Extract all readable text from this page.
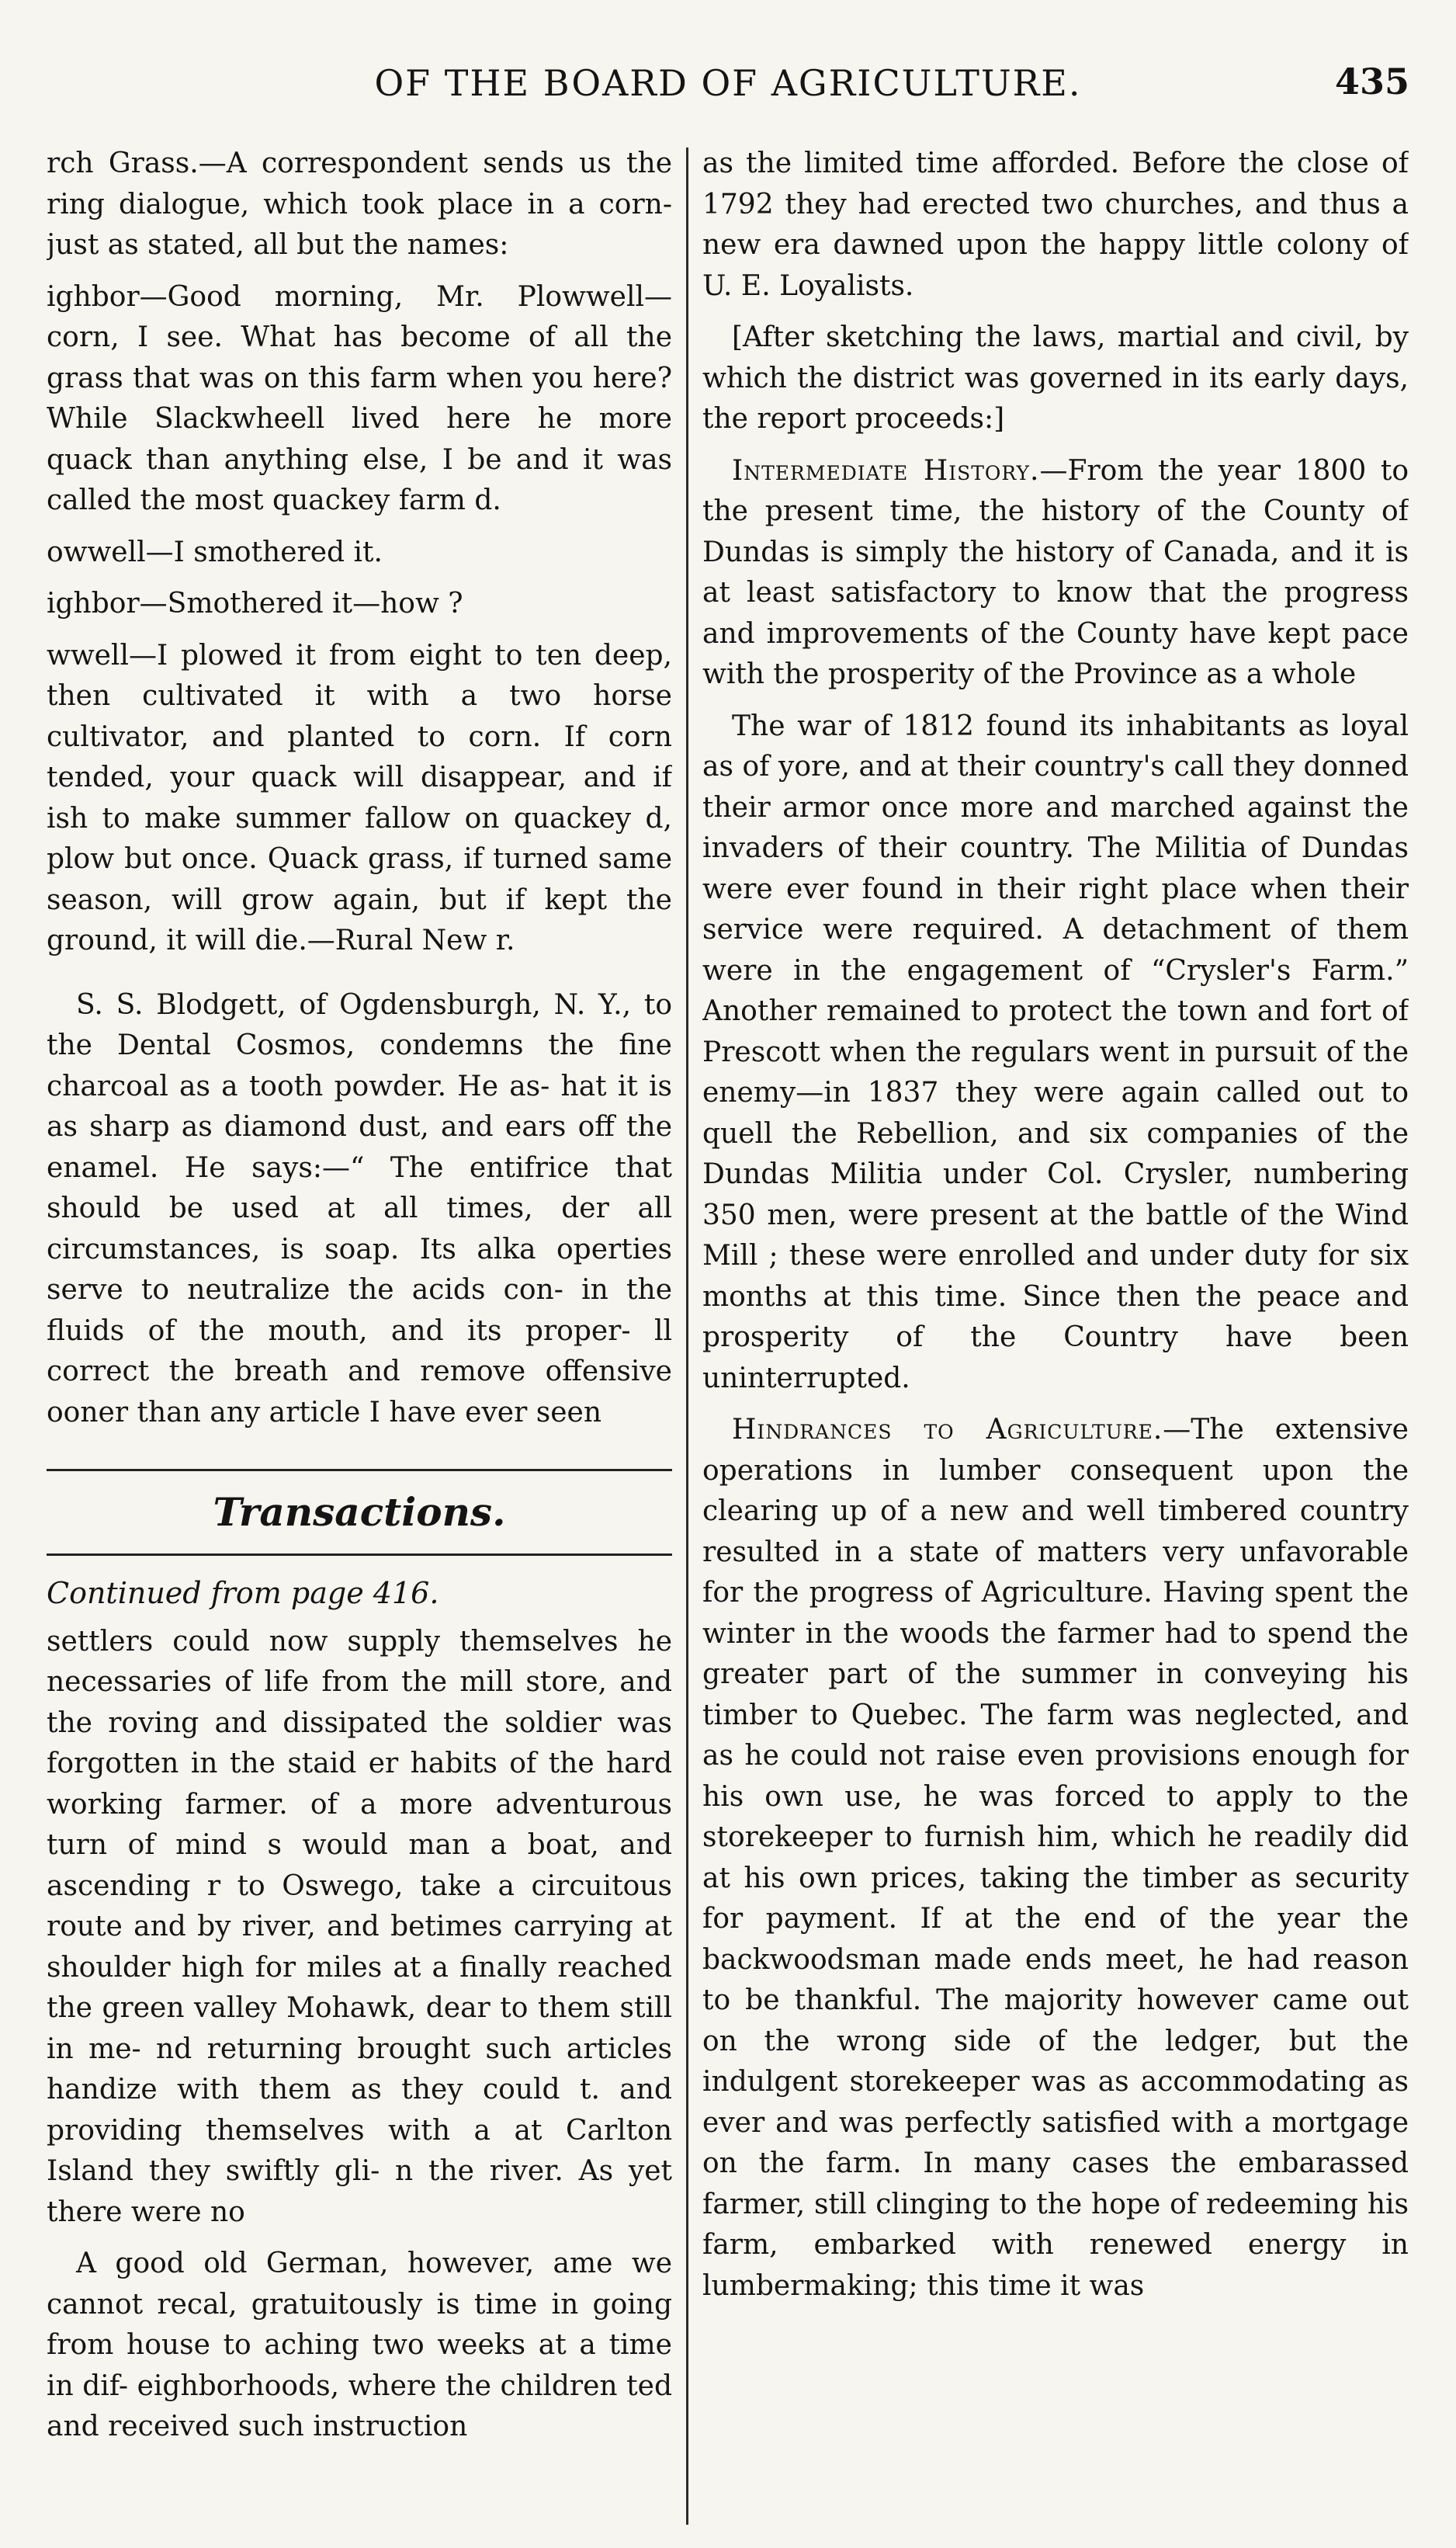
OF THE BOARD OF AGRICULTURE.	435

rch Grass.—A correspondent sends us the ring dialogue, which took place in a corn- just as stated, all but the names:

ighbor—Good morning, Mr. Plowwell— corn, I see. What has become of all the grass that was on this farm when you here? While Slackwheell lived here he more quack than anything else, I be and it was called the most quackey farm d.

owwell—I smothered it.

ighbor—Smothered it—how ?

wwell—I plowed it from eight to ten deep, then cultivated it with a two horse cultivator, and planted to corn. If corn tended, your quack will disappear, and if ish to make summer fallow on quackey d, plow but once. Quack grass, if turned same season, will grow again, but if kept the ground, it will die.—Rural New r.

S. S. Blodgett, of Ogdensburgh, N. Y., to the Dental Cosmos, condemns the fine charcoal as a tooth powder. He as- hat it is as sharp as diamond dust, and ears off the enamel. He says:—“ The entifrice that should be used at all times, der all circumstances, is soap. Its alka operties serve to neutralize the acids con- in the fluids of the mouth, and its proper- ll correct the breath and remove offensive ooner than any article I have ever seen

Transactions.
Continued from page 416.

settlers could now supply themselves he necessaries of life from the mill store, and the roving and dissipated the soldier was forgotten in the staid er habits of the hard working farmer. of a more adventurous turn of mind s would man a boat, and ascending r to Oswego, take a circuitous route and by river, and betimes carrying at shoulder high for miles at a finally reached the green valley Mohawk, dear to them still in me- nd returning brought such articles handize with them as they could t. and providing themselves with a at Carlton Island they swiftly gli- n the river. As yet there were no

A good old German, however, ame we cannot recal, gratuitously is time in going from house to aching two weeks at a time in dif- eighborhoods, where the children ted and received such instruction

as the limited time afforded. Before the close of 1792 they had erected two churches, and thus a new era dawned upon the happy little colony of U. E. Loyalists.

[After sketching the laws, martial and civil, by which the district was governed in its early days, the report proceeds:]

Intermediate History.—From the year 1800 to the present time, the history of the County of Dundas is simply the history of Canada, and it is at least satisfactory to know that the progress and improvements of the County have kept pace with the prosperity of the Province as a whole

The war of 1812 found its inhabitants as loyal as of yore, and at their country's call they donned their armor once more and marched against the invaders of their country. The Militia of Dundas were ever found in their right place when their service were required. A detachment of them were in the engagement of “Crysler's Farm.” Another remained to protect the town and fort of Prescott when the regulars went in pursuit of the enemy—in 1837 they were again called out to quell the Rebellion, and six companies of the Dundas Militia under Col. Crysler, numbering 350 men, were present at the battle of the Wind Mill ; these were enrolled and under duty for six months at this time. Since then the peace and prosperity of the Country have been uninterrupted.

Hindrances to Agriculture.—The extensive operations in lumber consequent upon the clearing up of a new and well timbered country resulted in a state of matters very unfavorable for the progress of Agriculture. Having spent the winter in the woods the farmer had to spend the greater part of the summer in conveying his timber to Quebec. The farm was neglected, and as he could not raise even provisions enough for his own use, he was forced to apply to the storekeeper to furnish him, which he readily did at his own prices, taking the timber as security for payment. If at the end of the year the backwoodsman made ends meet, he had reason to be thankful. The majority however came out on the wrong side of the ledger, but the indulgent storekeeper was as accommodating as ever and was perfectly satisfied with a mortgage on the farm. In many cases the embarassed farmer, still clinging to the hope of redeeming his farm, embarked with renewed energy in lumbermaking; this time it was
